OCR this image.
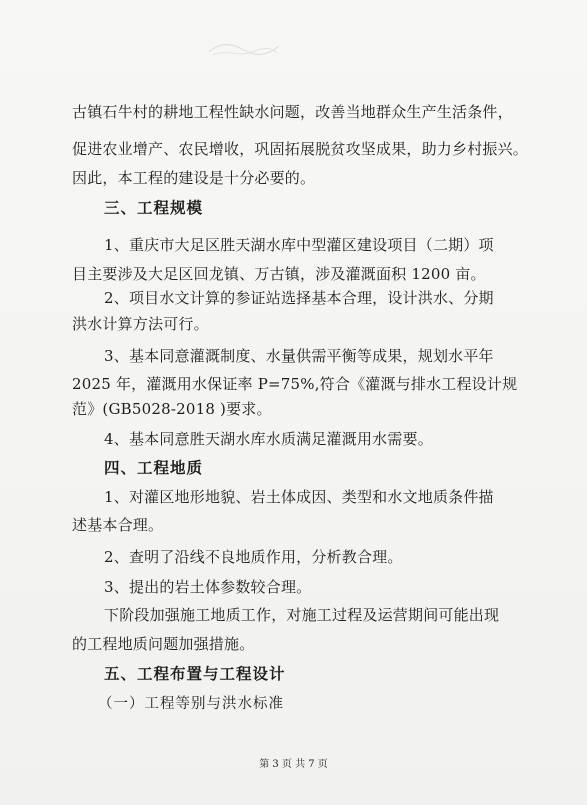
古镇石牛村的耕地工程性缺水问题，改善当地群众生产生活条件，
促进农业增产、农民增收，巩固拓展脱贫攻坚成果，助力乡村振兴。
因此，本工程的建设是十分必要的。
三、工程规模
1、重庆市大足区胜天湖水库中型灌区建设项目（二期）项
目主要涉及大足区回龙镇、万古镇，涉及灌溉面积 1200 亩。
2、项目水文计算的参证站选择基本合理，设计洪水、分期
洪水计算方法可行。
3、基本同意灌溉制度、水量供需平衡等成果，规划水平年
2025 年，灌溉用水保证率 P=75%,符合《灌溉与排水工程设计规
范》(GB5028-2018 )要求。
4、基本同意胜天湖水库水质满足灌溉用水需要。
四、工程地质
1、对灌区地形地貌、岩土体成因、类型和水文地质条件描
述基本合理。
2、查明了沿线不良地质作用，分析教合理。
3、提出的岩土体参数较合理。
下阶段加强施工地质工作，对施工过程及运营期间可能出现
的工程地质问题加强措施。
五、工程布置与工程设计
（一）工程等别与洪水标准
第 3 页 共 7 页
